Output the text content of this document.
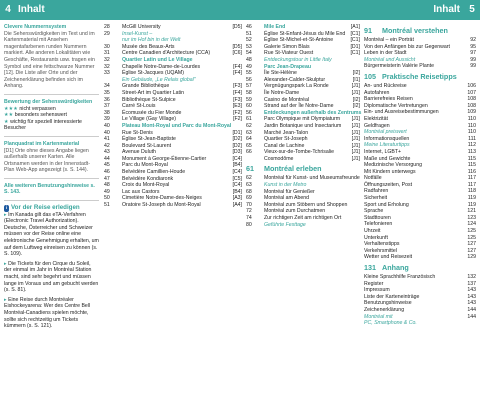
4 Inhalt	Inhalt 5
Clevere Nummernsystem

Die Sehenswürdigkeiten im Text und im Kartenmaterial mit Ansehen magentafarbenen runden Nummern markiert. Alle anderen Lokalitäten wie Geschäfte, Restaurants usw. tragen ein Symbol und eine fettschwarze Nummer [12]. Die Liste aller Orte und der Zeichenerklärung befinden sich im Anhang.

Bewertung der Sehenswürdigkeiten
★★★ nicht verpassen
★★ besonders sehenswert
★ wichtig für speziell interessierte Besucher
Planquadrat im Kartenmaterial

[D1] Orte ohne dieses Angabe liegen außerhalb unserer Karten. Alle Ortsnamen werden in der Innenstadt-Plan Web-App angezeigt (s. S. 144).

Alle weiteren Benutzungshinweise s. S. 143.
i Vor der Reise erledigen

▸ Im Kanada gilt das eTA-Verfahren (Electronic Travel Authorization). Deutsche, Österreicher und Schweizer müssen vor der Reise online eine elektronische Genehmigung erhalten, um auf dem Luftweg einreisen zu können (s. S. 109).

▸ Die Tickets für den Cirque du Soleil, der einmal im Jahr in Montréal Station macht, sind sehr begehrt und müssen lange im Voraus und am gebucht werden (s. S. 81).

▸ Eine Reise durch Montréaler Eishockeyarena: Wer des Centre Bell Montréal-Canadiens spielen möchte, sollte sich rechtzeitig um Tickets kümmern (s. S. 121).

28	McGill University	[D5]
29	Insel-Kunst –
nur im Hof bin in der Welt
30	Musée des Beaux-Arts	[D5]
31	Centre Canadien d'Architecture (CCA)	[C6]
32	Quartier Latin und Le Village
32	Chapelle Notre-Dame-de-Lourdes	[F4]
33	Église St-Jacques (UQAM)	[F4]
Ein Gebäude, „Le Relais global"
34	Grande Bibliothèque	[F3]
35	Street-Art im Quartier Latin	[F4]
36	Bibliothèque St-Sulpice	[F3]
37	Carré St-Louis	[E3]
38	Écomusée du Fier Monde	[F2]
39	Le Village (Gay Village)	[F2]
40	Plateau Mont-Royal und Parc du Mont-Royal
40	Rue St-Denis	[D1]
41	Église St-Jean-Baptiste	[D2]
42	Boulevard St-Laurent	[D2]
43	Avenue Duluth	[D3]
44	Monument à George-Étienne-Cartier	[C4]
45	Parc du Mont-Royal	[B4]
46	Belvédère Camillien-Houde	[C4]
47	Belvédère Kondiaronk	[C5]
48	Croix du Mont-Royal	[C4]
49	Lac aux Castors	[B4]
50	Cimetière Notre-Dame-des-Neiges	[A3]
51	Oratoire St-Joseph du Mont-Royal	[A4]
46	Mile End	[A1]
51	Église St-Enfant-Jésus du Mile End [C1]
52	Église St-Michel-et-St-Antoine	[C1]
53	Galerie Simon Blais	[D1]
54	Rue St-Viateur Ouest	[C1]
48	Entdeckungstour in Little Italy
49	Parc Jean-Drapeau
55	Île Ste-Hélène	[I2]
56	Alexander-Calder-Skulptur	[I1]
57	Vergnügungspark La Ronde	[J1]
58	Île Notre-Dame	[J1]
59	Casino de Montréal	[I2]
60	Strand auf der Île Notre-Dame	[I2]
56	Entdeckungen außerhalb des Zentrums
61	Parc Olympique mit Olympiaturm	[J1]
62	Jardin Botanique und Insectarium	[J1]
63	Marché Jean-Talon	[J1]
64	Quartier St-Joseph	[J1]
65	Canal de Lachine	[J1]
66	Vieux-sur-de-Tombe-Tchrisalie	[J1]
Cosmodôme	[J1]
61	Montréal erleben
62	Montréal für Kunst- und Museumsfreunde
63	Kunst in der Metro
68	Montréal für Genießer
69	Montréal am Abend
70	Montréal zum Stöbern und Shoppen
72	Montréal zum Durchatmen
74	Zur richtigen Zeit am richtigen Ort
80	Geführte Festtage
91	Montréal verstehen
Montréal – ein Porträt	92
Von den Anfängen bis zur Gegenwart	95
Leben in der Stadt	97
Montréal und Aussicht	99
Bürgermeisterin Valérie Plante	99
105 Praktische Reisetipps
An- und Rückreise	106
Autofahren	107
Barrierefreies Reisen	108
Diplomatische Vertretungen	108
Ein- und Ausreisebestimmungen	109
Elektrizität	110
Geldfragen	110
Montréal preiswert	110
Informationsquellen	111
Meine Literaturtipps	112
Internet, LGBT+	113
Maße und Gewichte	115
Medizinische Versorgung	115
Mit Kindern unterwegs	116
Notfälle	117
Öffnungszeiten, Post	117
Radfahren	118
Sicherheit	119
Sport und Erholung	119
Sprache	121
Stadttouren	123
Telefonieren	124
Uhrzeit	125
Unterkunft	125
Verhaltenstipps	127
Verkehrsmittel	127
Wetter und Reisezeit	129
131 Anhang
Kleine Sprachhilfe Französisch	132
Register	137
Impressum	143
Liste der Karteneinträge	143
Benutzungshinweise	143
Zeichenerklärung	144
Montréal mit	144
PC, Smartphone & Co.
